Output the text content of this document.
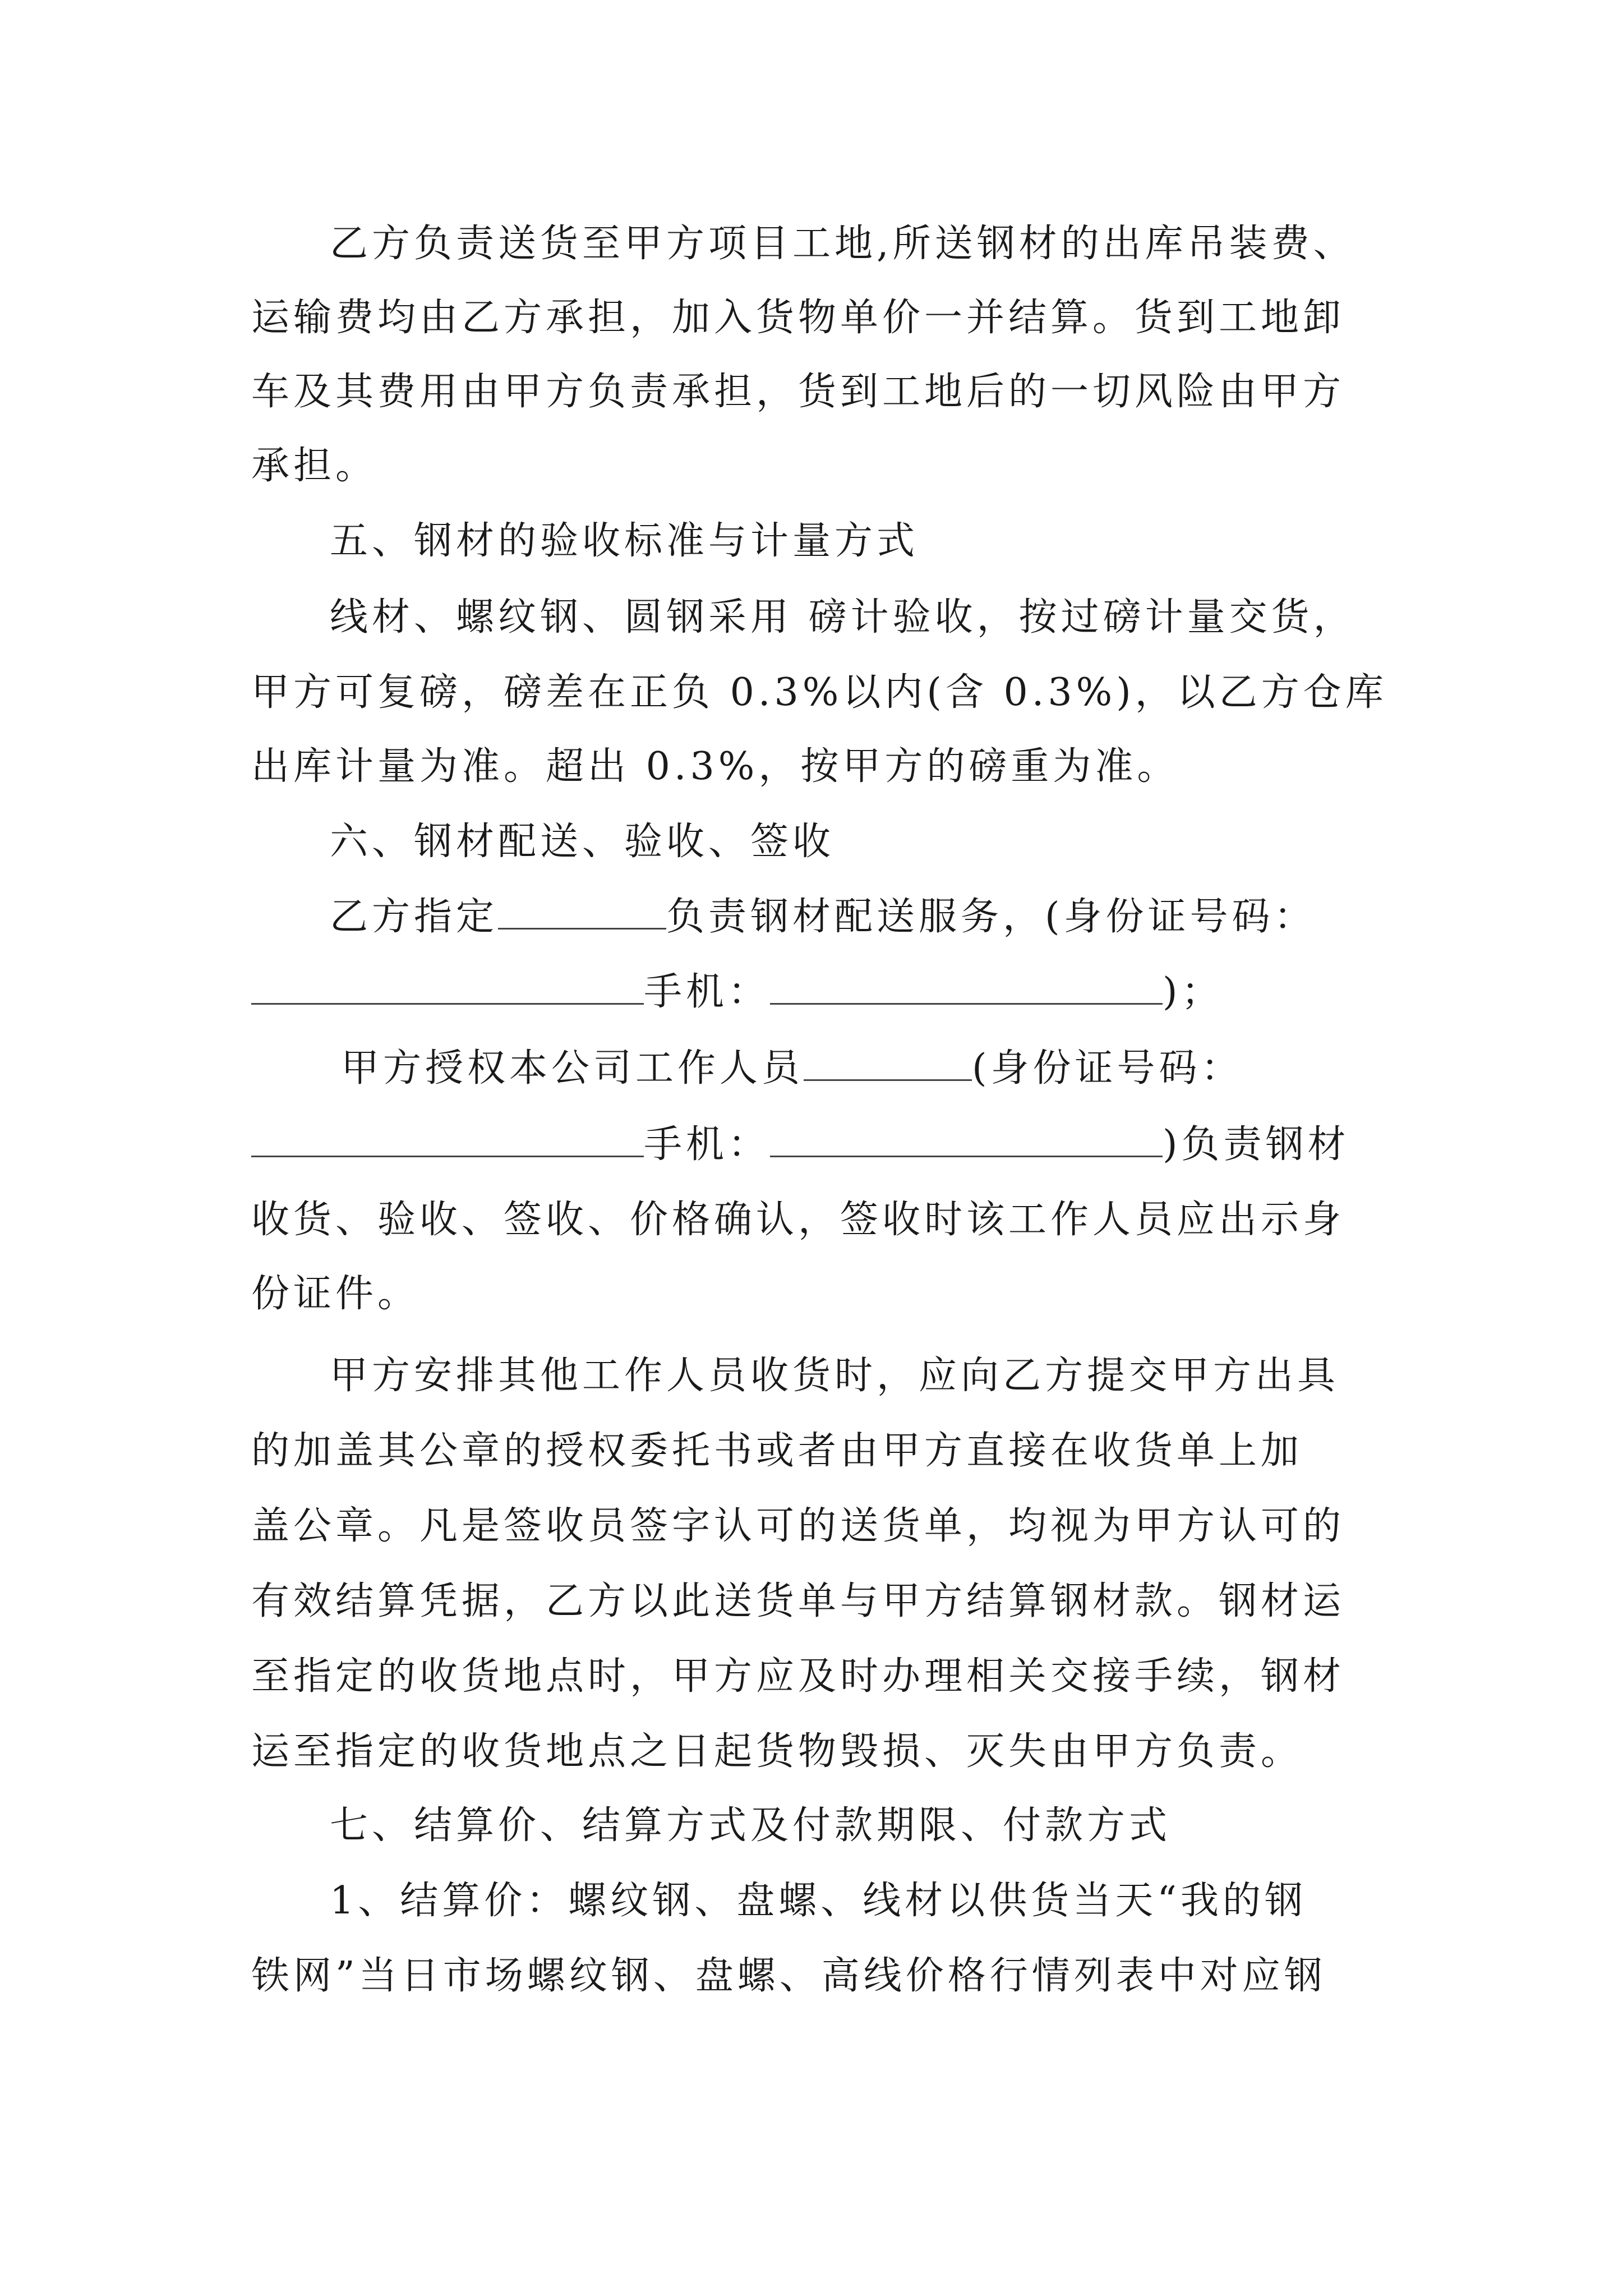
乙方负责送货至甲方项目工地,所送钢材的出库吊装费、
运输费均由乙方承担，加入货物单价一并结算。货到工地卸
车及其费用由甲方负责承担，货到工地后的一切风险由甲方
承担。
五、钢材的验收标准与计量方式
线材、螺纹钢、圆钢采用 磅计验收，按过磅计量交货，
甲方可复磅，磅差在正负 0.3%以内(含 0.3%)，以乙方仓库
出库计量为准。超出 0.3%，按甲方的磅重为准。
六、钢材配送、验收、签收
乙方指定	负责钢材配送服务，(身份证号码：
手机：	)；
甲方授权本公司工作人员	(身份证号码：
手机：	)负责钢材
收货、验收、签收、价格确认，签收时该工作人员应出示身
份证件。
甲方安排其他工作人员收货时，应向乙方提交甲方出具
的加盖其公章的授权委托书或者由甲方直接在收货单上加
盖公章。凡是签收员签字认可的送货单，均视为甲方认可的
有效结算凭据，乙方以此送货单与甲方结算钢材款。钢材运
至指定的收货地点时，甲方应及时办理相关交接手续，钢材
运至指定的收货地点之日起货物毁损、灭失由甲方负责。
七、结算价、结算方式及付款期限、付款方式
1、结算价：螺纹钢、盘螺、线材以供货当天“我的钢
铁网”当日市场螺纹钢、盘螺、高线价格行情列表中对应钢
